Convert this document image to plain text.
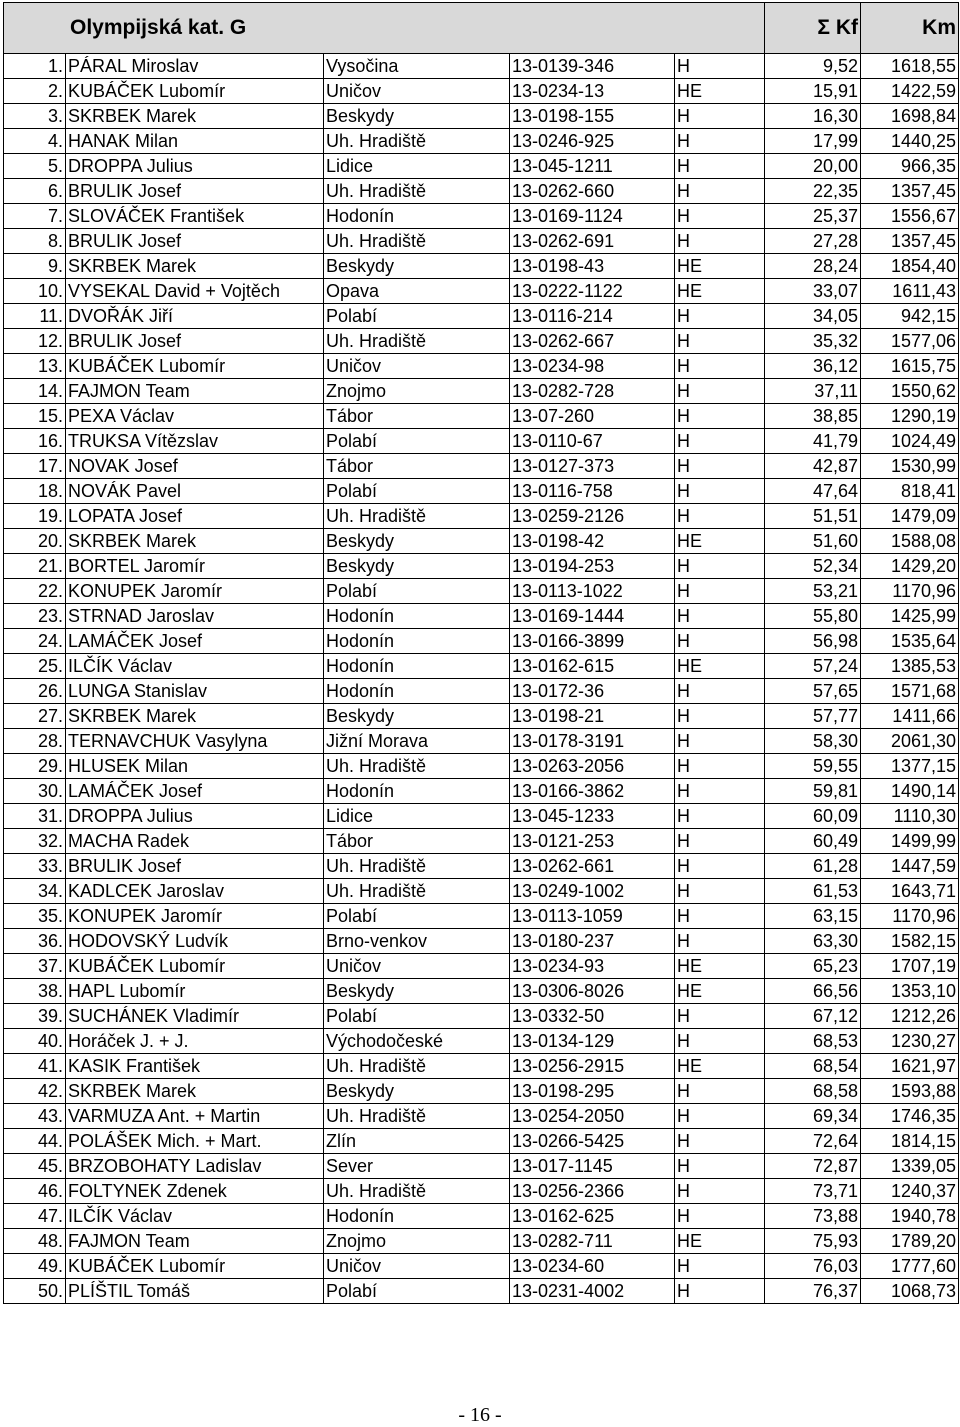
Olympijská kat. G					Σ Kf	Km
1.	PÁRAL Miroslav	Vysočina	13-0139-346	H	9,52	1618,55
2.	KUBÁČEK Lubomír	Uničov	13-0234-13	HE	15,91	1422,59
3.	SKRBEK Marek	Beskydy	13-0198-155	H	16,30	1698,84
4.	HANAK Milan	Uh. Hradiště	13-0246-925	H	17,99	1440,25
5.	DROPPA Julius	Lidice	13-045-1211	H	20,00	966,35
6.	BRULIK Josef	Uh. Hradiště	13-0262-660	H	22,35	1357,45
7.	SLOVÁČEK František	Hodonín	13-0169-1124	H	25,37	1556,67
8.	BRULIK Josef	Uh. Hradiště	13-0262-691	H	27,28	1357,45
9.	SKRBEK Marek	Beskydy	13-0198-43	HE	28,24	1854,40
10.	VYSEKAL David + Vojtěch	Opava	13-0222-1122	HE	33,07	1611,43
11.	DVOŘÁK Jiří	Polabí	13-0116-214	H	34,05	942,15
12.	BRULIK Josef	Uh. Hradiště	13-0262-667	H	35,32	1577,06
13.	KUBÁČEK Lubomír	Uničov	13-0234-98	H	36,12	1615,75
14.	FAJMON Team	Znojmo	13-0282-728	H	37,11	1550,62
15.	PEXA Václav	Tábor	13-07-260	H	38,85	1290,19
16.	TRUKSA Vítězslav	Polabí	13-0110-67	H	41,79	1024,49
17.	NOVAK Josef	Tábor	13-0127-373	H	42,87	1530,99
18.	NOVÁK Pavel	Polabí	13-0116-758	H	47,64	818,41
19.	LOPATA Josef	Uh. Hradiště	13-0259-2126	H	51,51	1479,09
20.	SKRBEK Marek	Beskydy	13-0198-42	HE	51,60	1588,08
21.	BORTEL Jaromír	Beskydy	13-0194-253	H	52,34	1429,20
22.	KONUPEK Jaromír	Polabí	13-0113-1022	H	53,21	1170,96
23.	STRNAD Jaroslav	Hodonín	13-0169-1444	H	55,80	1425,99
24.	LAMÁČEK Josef	Hodonín	13-0166-3899	H	56,98	1535,64
25.	ILČÍK Václav	Hodonín	13-0162-615	HE	57,24	1385,53
26.	LUNGA Stanislav	Hodonín	13-0172-36	H	57,65	1571,68
27.	SKRBEK Marek	Beskydy	13-0198-21	H	57,77	1411,66
28.	TERNAVCHUK Vasylyna	Jižní Morava	13-0178-3191	H	58,30	2061,30
29.	HLUSEK Milan	Uh. Hradiště	13-0263-2056	H	59,55	1377,15
30.	LAMÁČEK Josef	Hodonín	13-0166-3862	H	59,81	1490,14
31.	DROPPA Julius	Lidice	13-045-1233	H	60,09	1110,30
32.	MACHA Radek	Tábor	13-0121-253	H	60,49	1499,99
33.	BRULIK Josef	Uh. Hradiště	13-0262-661	H	61,28	1447,59
34.	KADLCEK Jaroslav	Uh. Hradiště	13-0249-1002	H	61,53	1643,71
35.	KONUPEK Jaromír	Polabí	13-0113-1059	H	63,15	1170,96
36.	HODOVSKÝ Ludvík	Brno-venkov	13-0180-237	H	63,30	1582,15
37.	KUBÁČEK Lubomír	Uničov	13-0234-93	HE	65,23	1707,19
38.	HAPL Lubomír	Beskydy	13-0306-8026	HE	66,56	1353,10
39.	SUCHÁNEK Vladimír	Polabí	13-0332-50	H	67,12	1212,26
40.	Horáček J. + J.	Východočeské	13-0134-129	H	68,53	1230,27
41.	KASIK František	Uh. Hradiště	13-0256-2915	HE	68,54	1621,97
42.	SKRBEK Marek	Beskydy	13-0198-295	H	68,58	1593,88
43.	VARMUZA Ant. + Martin	Uh. Hradiště	13-0254-2050	H	69,34	1746,35
44.	POLÁŠEK Mich. + Mart.	Zlín	13-0266-5425	H	72,64	1814,15
45.	BRZOBOHATY Ladislav	Sever	13-017-1145	H	72,87	1339,05
46.	FOLTYNEK Zdenek	Uh. Hradiště	13-0256-2366	H	73,71	1240,37
47.	ILČÍK Václav	Hodonín	13-0162-625	H	73,88	1940,78
48.	FAJMON Team	Znojmo	13-0282-711	HE	75,93	1789,20
49.	KUBÁČEK Lubomír	Uničov	13-0234-60	H	76,03	1777,60
50.	PLÍŠTIL Tomáš	Polabí	13-0231-4002	H	76,37	1068,73
- 16 -
